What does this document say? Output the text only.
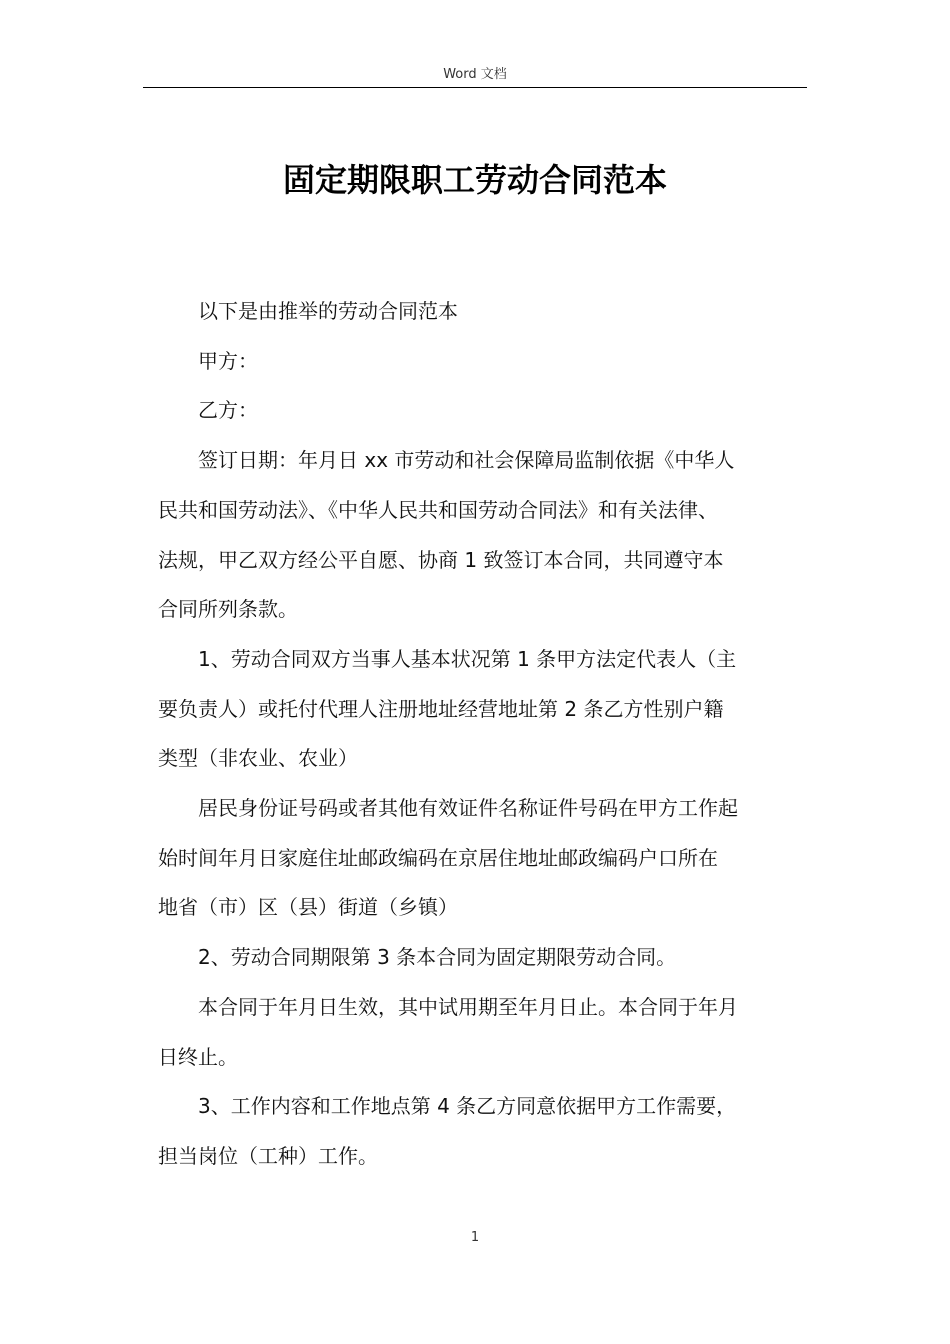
Word 文档
固定期限职工劳动合同范本

以下是由推举的劳动合同范本

甲方：

乙方：

签订日期：年月日 xx 市劳动和社会保障局监制依据《中华人
民共和国劳动法》、《中华人民共和国劳动合同法》和有关法律、
法规，甲乙双方经公平自愿、协商 1 致签订本合同，共同遵守本
合同所列条款。

1、劳动合同双方当事人基本状况第 1 条甲方法定代表人（主
要负责人）或托付代理人注册地址经营地址第 2 条乙方性别户籍
类型（非农业、农业）

居民身份证号码或者其他有效证件名称证件号码在甲方工作起
始时间年月日家庭住址邮政编码在京居住地址邮政编码户口所在
地省（市）区（县）街道（乡镇）

2、劳动合同期限第 3 条本合同为固定期限劳动合同。

本合同于年月日生效，其中试用期至年月日止。本合同于年月
日终止。

3、工作内容和工作地点第 4 条乙方同意依据甲方工作需要，
担当岗位（工种）工作。

1
